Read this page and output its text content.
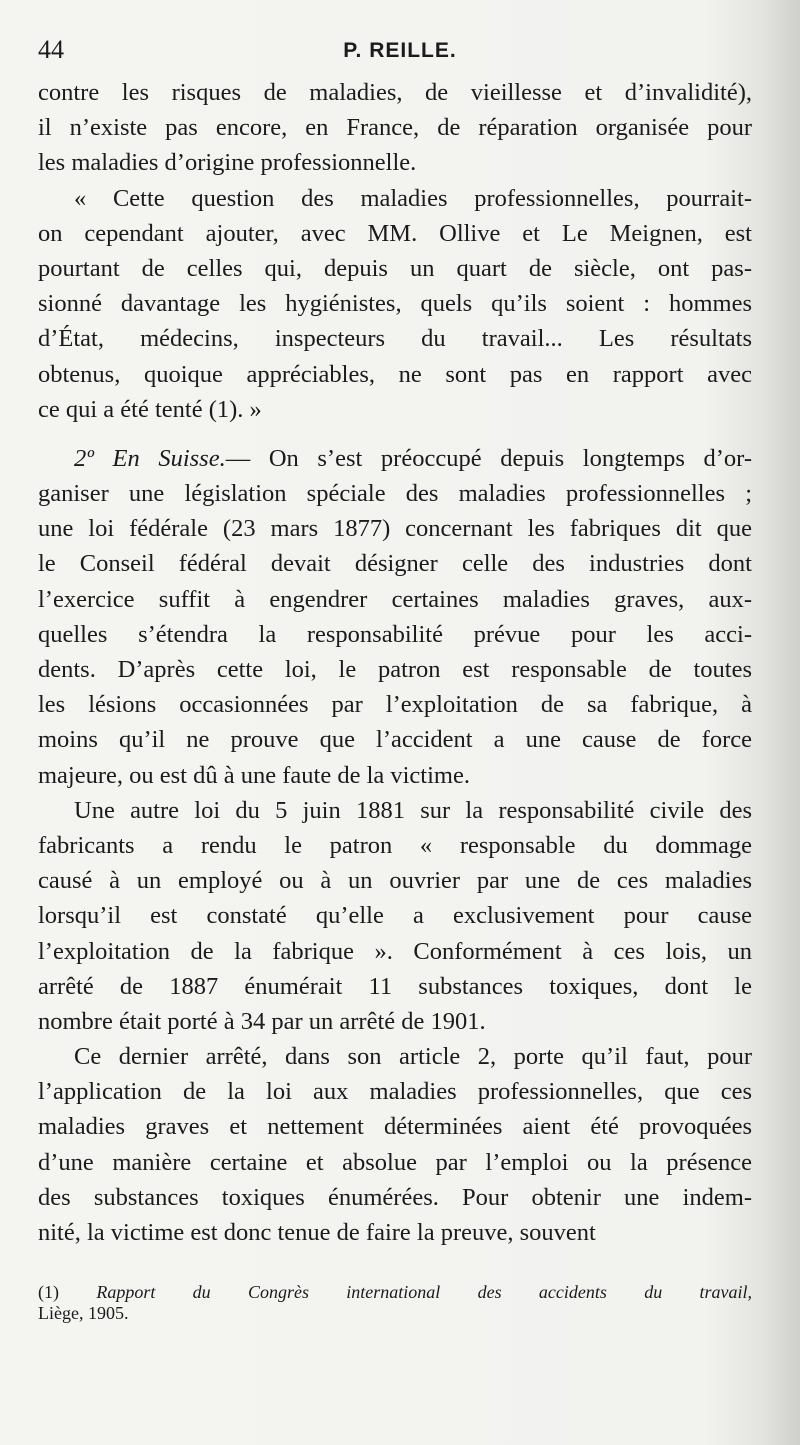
44	P. REILLE.
contre les risques de maladies, de vieillesse et d’invalidité),
il n’existe pas encore, en France, de réparation organisée pour
les maladies d’origine professionnelle.
« Cette question des maladies professionnelles, pourrait-
on cependant ajouter, avec MM. Ollive et Le Meignen, est
pourtant de celles qui, depuis un quart de siècle, ont pas-
sionné davantage les hygiénistes, quels qu’ils soient : hommes
d’État, médecins, inspecteurs du travail... Les résultats
obtenus, quoique appréciables, ne sont pas en rapport avec
ce qui a été tenté (1). »
2º En Suisse.— On s’est préoccupé depuis longtemps d’or-
ganiser une législation spéciale des maladies professionnelles ;
une loi fédérale (23 mars 1877) concernant les fabriques dit que
le Conseil fédéral devait désigner celle des industries dont
l’exercice suffit à engendrer certaines maladies graves, aux-
quelles s’étendra la responsabilité prévue pour les acci-
dents. D’après cette loi, le patron est responsable de toutes
les lésions occasionnées par l’exploitation de sa fabrique, à
moins qu’il ne prouve que l’accident a une cause de force
majeure, ou est dû à une faute de la victime.
Une autre loi du 5 juin 1881 sur la responsabilité civile des
fabricants a rendu le patron « responsable du dommage
causé à un employé ou à un ouvrier par une de ces maladies
lorsqu’il est constaté qu’elle a exclusivement pour cause
l’exploitation de la fabrique ». Conformément à ces lois, un
arrêté de 1887 énumérait 11 substances toxiques, dont le
nombre était porté à 34 par un arrêté de 1901.
Ce dernier arrêté, dans son article 2, porte qu’il faut, pour
l’application de la loi aux maladies professionnelles, que ces
maladies graves et nettement déterminées aient été provoquées
d’une manière certaine et absolue par l’emploi ou la présence
des substances toxiques énumérées. Pour obtenir une indem-
nité, la victime est donc tenue de faire la preuve, souvent
(1) Rapport du Congrès international des accidents du travail,
Liège, 1905.
